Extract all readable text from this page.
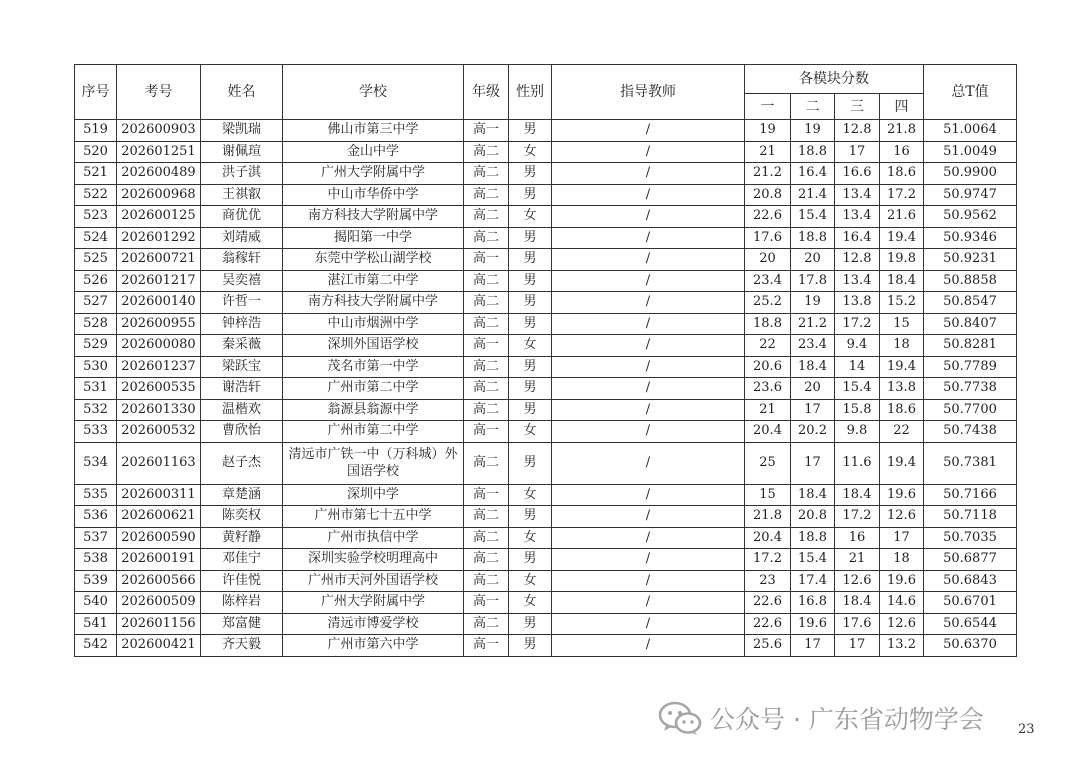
序号	考号	姓名	学校	年级	性别	指导教师	各模块分数				总T值
							一	二	三	四	
519	202600903	梁凯瑞	佛山市第三中学	高一	男	/	19	19	12.8	21.8	51.0064
520	202601251	谢佩瑄	金山中学	高二	女	/	21	18.8	17	16	51.0049
521	202600489	洪子淇	广州大学附属中学	高二	男	/	21.2	16.4	16.6	18.6	50.9900
522	202600968	王祺叡	中山市华侨中学	高二	男	/	20.8	21.4	13.4	17.2	50.9747
523	202600125	商优优	南方科技大学附属中学	高二	女	/	22.6	15.4	13.4	21.6	50.9562
524	202601292	刘靖威	揭阳第一中学	高二	男	/	17.6	18.8	16.4	19.4	50.9346
525	202600721	翁稼轩	东莞中学松山湖学校	高一	男	/	20	20	12.8	19.8	50.9231
526	202601217	吴奕禧	湛江市第二中学	高二	男	/	23.4	17.8	13.4	18.4	50.8858
527	202600140	许哲一	南方科技大学附属中学	高二	男	/	25.2	19	13.8	15.2	50.8547
528	202600955	钟梓浩	中山市烟洲中学	高二	男	/	18.8	21.2	17.2	15	50.8407
529	202600080	秦采薇	深圳外国语学校	高一	女	/	22	23.4	9.4	18	50.8281
530	202601237	梁跃宝	茂名市第一中学	高二	男	/	20.6	18.4	14	19.4	50.7789
531	202600535	谢浩轩	广州市第二中学	高二	男	/	23.6	20	15.4	13.8	50.7738
532	202601330	温楷欢	翁源县翁源中学	高二	男	/	21	17	15.8	18.6	50.7700
533	202600532	曹欣怡	广州市第二中学	高一	女	/	20.4	20.2	9.8	22	50.7438
534	202601163	赵子杰	清远市广铁一中（万科城）外国语学校	高二	男	/	25	17	11.6	19.4	50.7381
535	202600311	章楚涵	深圳中学	高一	女	/	15	18.4	18.4	19.6	50.7166
536	202600621	陈奕权	广州市第七十五中学	高二	男	/	21.8	20.8	17.2	12.6	50.7118
537	202600590	黄籽静	广州市执信中学	高二	女	/	20.4	18.8	16	17	50.7035
538	202600191	邓佳宁	深圳实验学校明理高中	高二	男	/	17.2	15.4	21	18	50.6877
539	202600566	许佳悦	广州市天河外国语学校	高二	女	/	23	17.4	12.6	19.6	50.6843
540	202600509	陈梓岩	广州大学附属中学	高一	女	/	22.6	16.8	18.4	14.6	50.6701
541	202601156	郑富健	清远市博爱学校	高二	男	/	22.6	19.6	17.6	12.6	50.6544
542	202600421	齐天毅	广州市第六中学	高一	男	/	25.6	17	17	13.2	50.6370
公众号 · 广东省动物学会	23
